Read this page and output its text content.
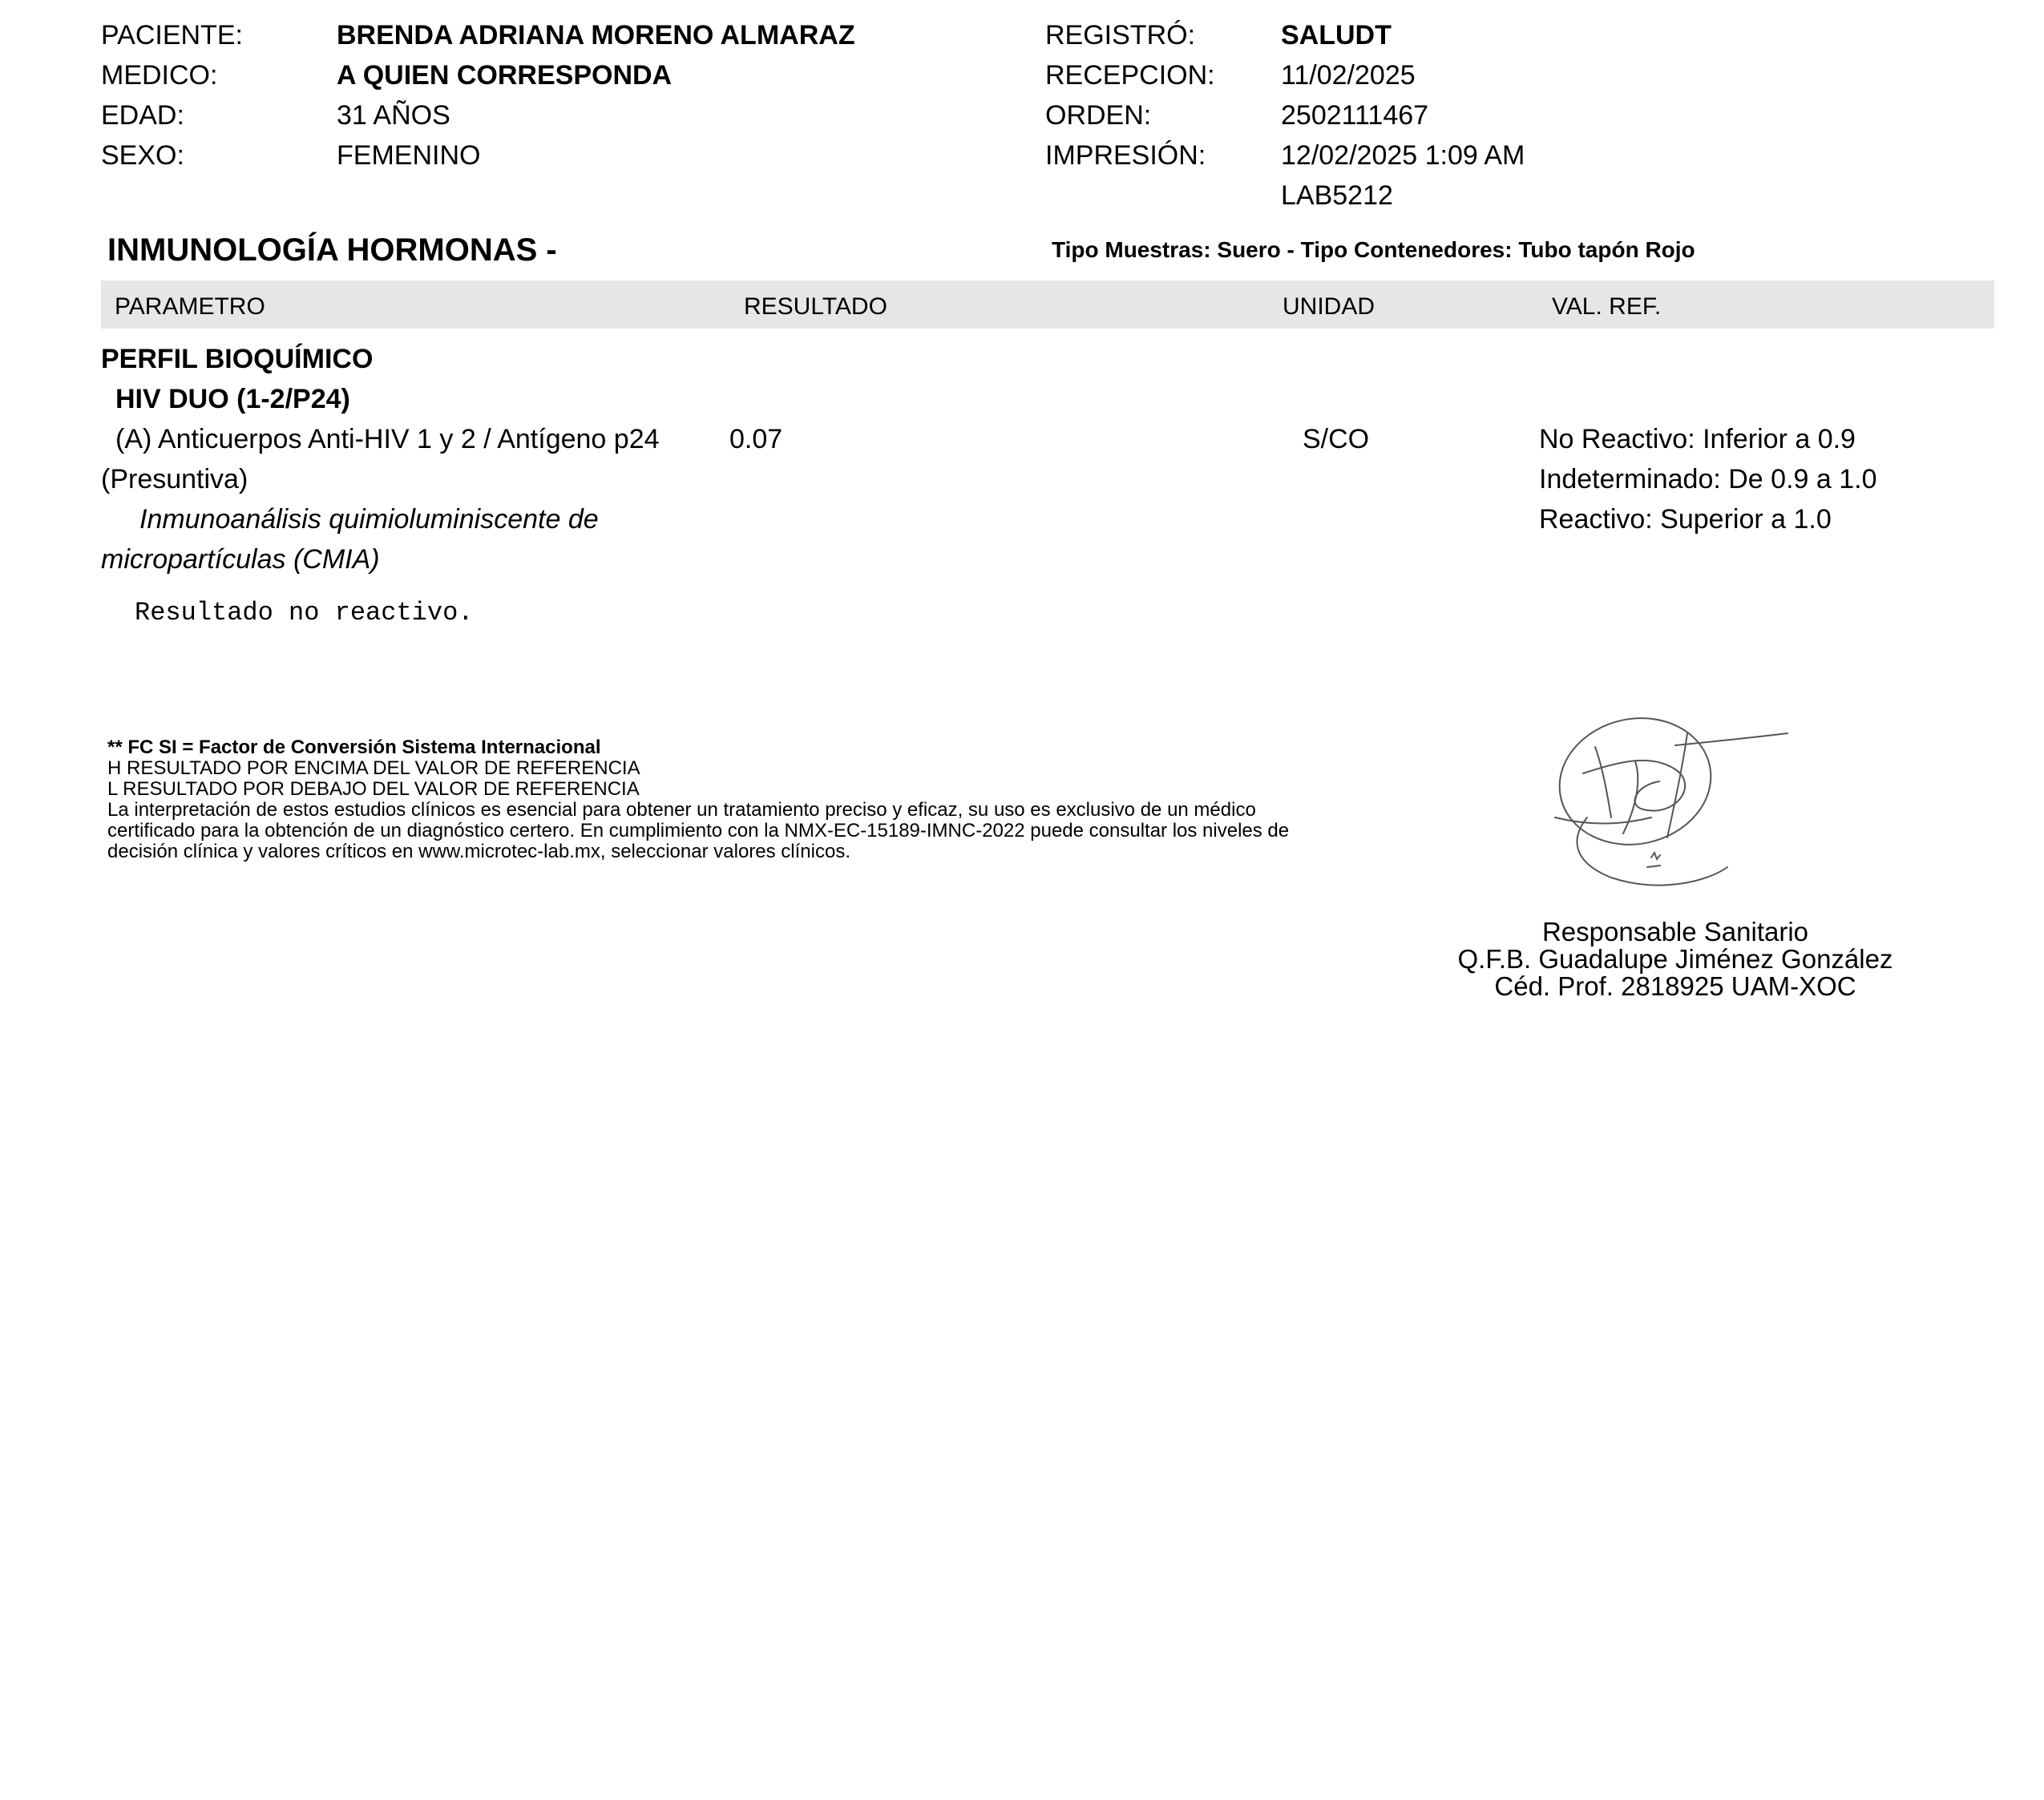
PACIENTE:	BRENDA ADRIANA MORENO ALMARAZ
MEDICO:	A QUIEN CORRESPONDA
EDAD:	31 AÑOS
SEXO:	FEMENINO
REGISTRÓ:	SALUDT
RECEPCION: 11/02/2025
ORDEN:	2502111467
IMPRESIÓN:	12/02/2025 1:09 AM
LAB5212
INMUNOLOGÍA HORMONAS -	Tipo Muestras: Suero - Tipo Contenedores: Tubo tapón Rojo
PARAMETRO	RESULTADO	UNIDAD	VAL. REF.
PERFIL BIOQUÍMICO
HIV DUO (1-2/P24)
(A) Anticuerpos Anti-HIV 1 y 2 / Antígeno p24
(Presuntiva)
0.07	S/CO	No Reactivo: Inferior a 0.9
Indeterminado: De 0.9 a 1.0
Reactivo: Superior a 1.0
Inmunoanálisis quimioluminiscente de
micropartículas (CMIA)
Resultado no reactivo.
** FC SI = Factor de Conversión Sistema Internacional
H RESULTADO POR ENCIMA DEL VALOR DE REFERENCIA
L RESULTADO POR DEBAJO DEL VALOR DE REFERENCIA
La interpretación de estos estudios clínicos es esencial para obtener un tratamiento preciso y eficaz, su uso es exclusivo de un médico
certificado para la obtención de un diagnóstico certero. En cumplimiento con la NMX-EC-15189-IMNC-2022 puede consultar los niveles de
decisión clínica y valores críticos en www.microtec-lab.mx, seleccionar valores clínicos.
Responsable Sanitario
Q.F.B. Guadalupe Jiménez González
Céd. Prof. 2818925 UAM-XOC
